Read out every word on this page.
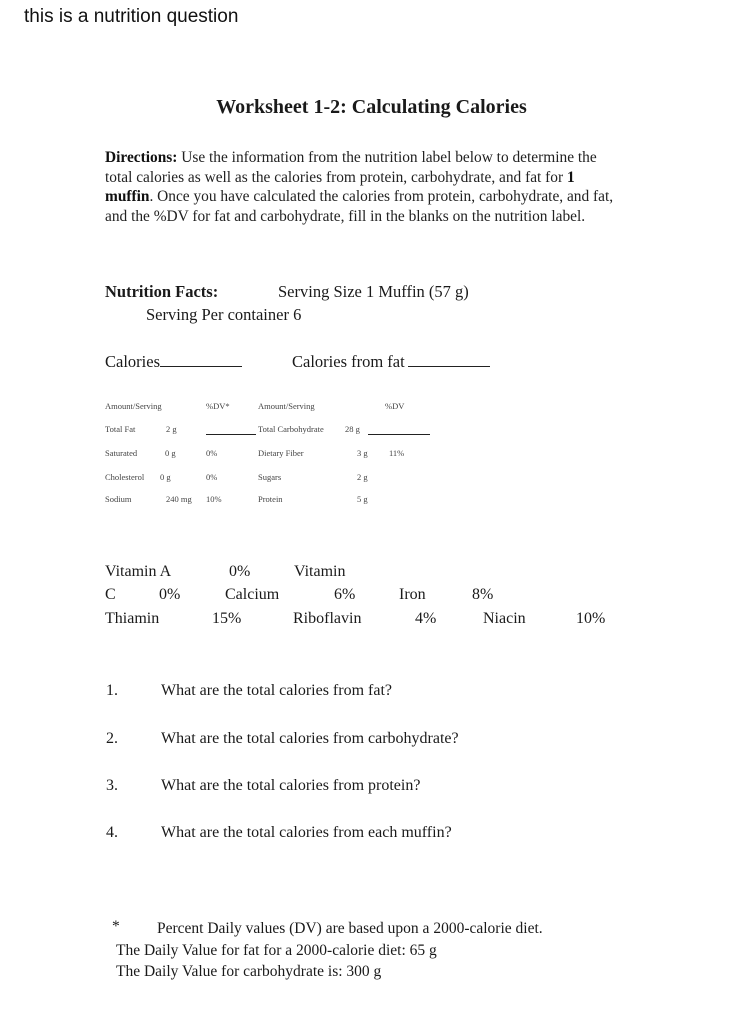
this is a nutrition question
Worksheet 1-2: Calculating Calories
Directions: Use the information from the nutrition label below to determine the total calories as well as the calories from protein, carbohydrate, and fat for 1 muffin. Once you have calculated the calories from protein, carbohydrate, and fat, and the %DV for fat and carbohydrate, fill in the blanks on the nutrition label.
Nutrition Facts:	Serving Size 1 Muffin (57 g)
Serving Per container 6
Calories	Calories from fat
Amount/Serving	%DV*	Amount/Serving	%DV
Total Fat	2 g
Saturated	0 g	0%
Cholesterol 0 g	0%
Sodium	240 mg 10%
Total Carbohydrate	28 g
Dietary Fiber	3 g	11%
Sugars	2 g
Protein	5 g
Vitamin A	0%	Vitamin
C	0%	Calcium	6%	Iron	8%
Thiamin	15%	Riboflavin	4%	Niacin	10%
1.	What are the total calories from fat?
2.	What are the total calories from carbohydrate?
3.	What are the total calories from protein?
4.	What are the total calories from each muffin?
* Percent Daily values (DV) are based upon a 2000-calorie diet.
The Daily Value for fat for a 2000-calorie diet: 65 g
The Daily Value for carbohydrate is: 300 g
